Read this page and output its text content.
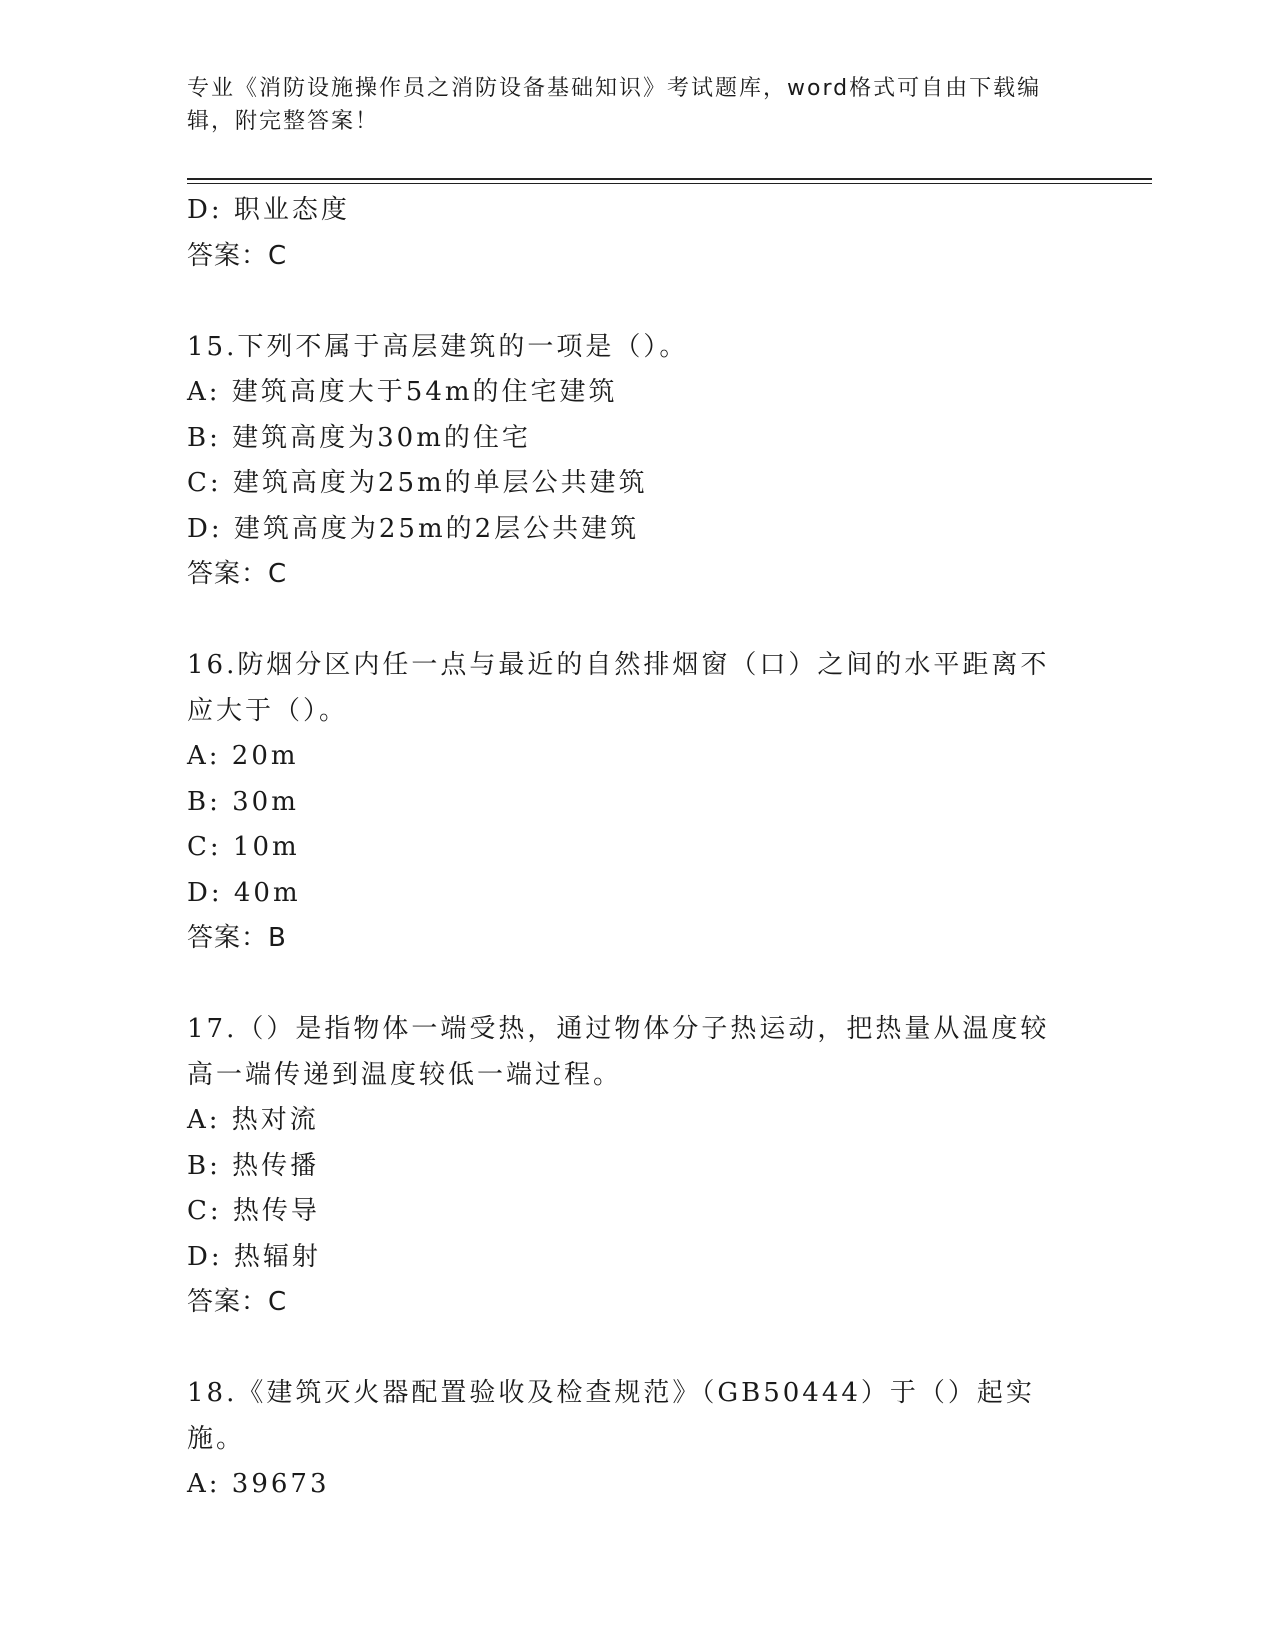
专业《消防设施操作员之消防设备基础知识》考试题库，word格式可自由下载编辑，附完整答案！
D: 职业态度
答案：C
15.下列不属于高层建筑的一项是（）。
A: 建筑高度大于54m的住宅建筑
B: 建筑高度为30m的住宅
C: 建筑高度为25m的单层公共建筑
D: 建筑高度为25m的2层公共建筑
答案：C
16.防烟分区内任一点与最近的自然排烟窗（口）之间的水平距离不应大于（）。
A: 20m
B: 30m
C: 10m
D: 40m
答案：B
17.（）是指物体一端受热，通过物体分子热运动，把热量从温度较高一端传递到温度较低一端过程。
A: 热对流
B: 热传播
C: 热传导
D: 热辐射
答案：C
18.《建筑灭火器配置验收及检查规范》（GB50444）于（）起实施。
A: 39673
